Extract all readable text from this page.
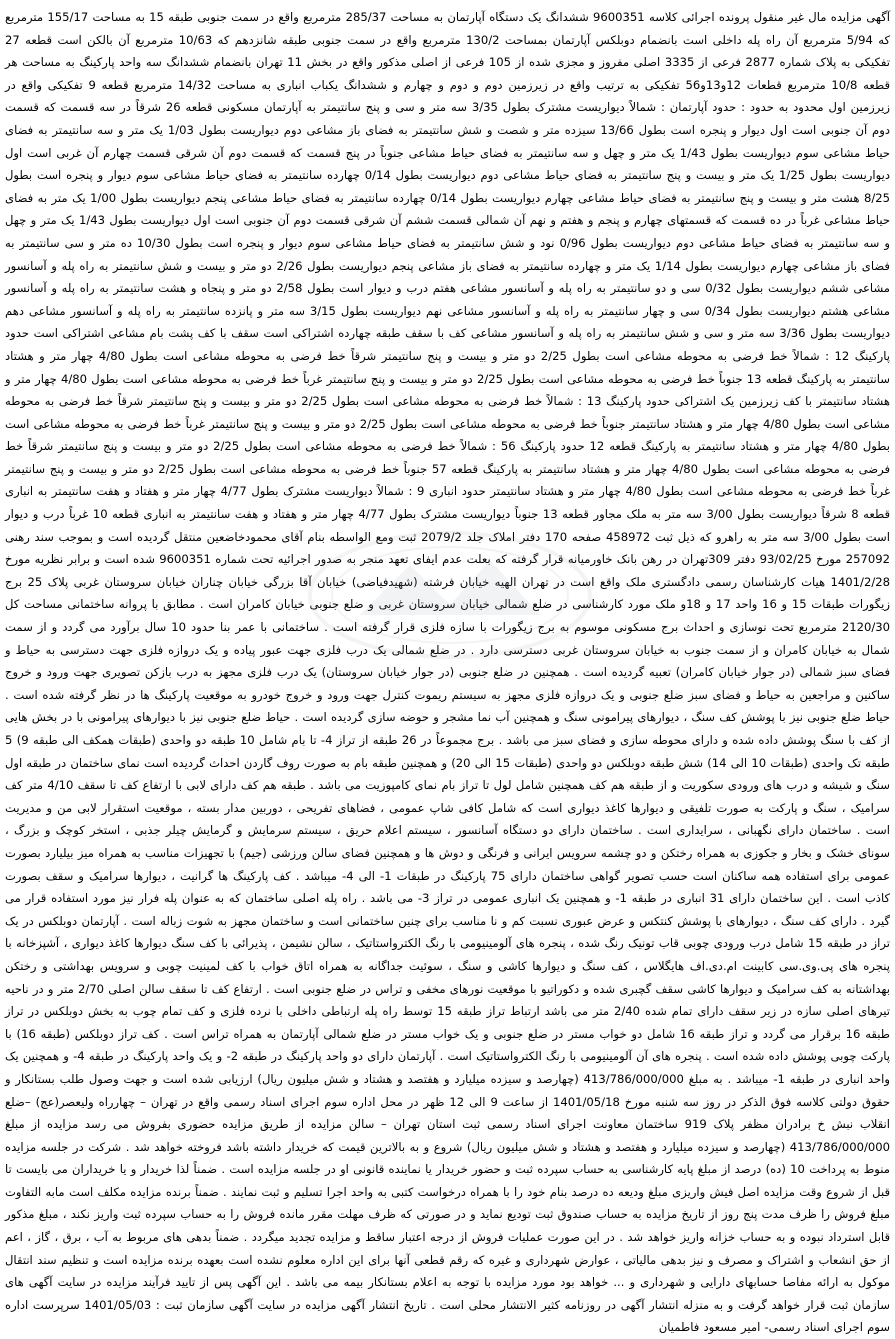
آگهی مزایده مال غیر منقول پرونده اجرائی کلاسه 9600351 ششدانگ یک دستگاه آپارتمان به مساحت 285/37 مترمربع واقع در سمت جنوبی طبقه 15 به مساحت 155/17 مترمربع که 5/94 مترمربع آن راه پله داخلی است بانضمام دوبلکس آپارتمان بمساحت 130/2 مترمربع واقع در سمت جنوبی طبقه شانزدهم که 10/63 مترمربع آن بالکن است قطعه 27 تفکیکی به پلاک شماره 2877 فرعی از 3335 اصلی مفروز و مجزی شده از 105 فرعی از اصلی مذکور واقع در بخش 11 تهران بانضمام ششدانگ سه واحد پارکینگ به مساحت هر قطعه 10/8 مترمربع قطعات 12و13و56 تفکیکی به ترتیب واقع در زیرزمین دوم و دوم و چهارم و ششدانگ یکباب انباری به مساحت 14/32 مترمربع قطعه 9 تفکیکی واقع در زیرزمین اول محدود به حدود : حدود آپارتمان : شمالاً دیواریست مشترک بطول 3/35 سه متر و سی و پنج سانتیمتر به آپارتمان مسکونی قطعه 26 شرقاً در سه قسمت که قسمت دوم آن جنوبی است اول دیوار و پنجره است بطول 13/66 سیزده متر و شصت و شش سانتیمتر به فضای باز مشاعی دوم دیواریست بطول 1/03 یک متر و سه سانتیمتر به فضای حیاط مشاعی سوم دیواریست بطول 1/43 یک متر و چهل و سه سانتیمتر به فضای حیاط مشاعی جنوباً در پنج قسمت که قسمت دوم آن شرقی قسمت چهارم آن غربی است اول دیواریست بطول 1/25 یک متر و بیست و پنج سانتیمتر به فضای حیاط مشاعی دوم دیواریست بطول 0/14 چهارده سانتیمتر به فضای حیاط مشاعی سوم دیوار و پنجره است بطول 8/25 هشت متر و بیست و پنج سانتیمتر به فضای حیاط مشاعی چهارم دیواریست بطول 0/14 چهارده سانتیمتر به فضای حیاط مشاعی پنجم دیواریست بطول 1/00 یک متر به فضای حیاط مشاعی غرباً در ده قسمت که قسمتهای چهارم و پنجم و هفتم و نهم آن شمالی قسمت ششم آن شرقی قسمت دوم آن جنوبی است اول دیواریست بطول 1/43 یک متر و چهل و سه سانتیمتر به فضای حیاط مشاعی دوم دیواریست بطول 0/96 نود و شش سانتیمتر به فضای حیاط مشاعی سوم دیوار و پنجره است بطول 10/30 ده متر و سی سانتیمتر به فضای باز مشاعی چهارم دیواریست بطول 1/14 یک متر و چهارده سانتیمتر به فضای باز مشاعی پنجم دیواریست بطول 2/26 دو متر و بیست و شش سانتیمتر به راه پله و آسانسور مشاعی ششم دیواریست بطول 0/32 سی و دو سانتیمتر به راه پله و آسانسور مشاعی هفتم درب و دیوار است بطول 2/58 دو متر و پنجاه و هشت سانتیمتر به راه پله و آسانسور مشاعی هشتم دیواریست بطول 0/34 سی و چهار سانتیمتر به راه پله و آسانسور مشاعی نهم دیواریست بطول 3/15 سه متر و پانزده سانتیمتر به راه پله و آسانسور مشاعی دهم دیواریست بطول 3/36 سه متر و سی و شش سانتیمتر به راه پله و آسانسور مشاعی کف با سقف طبقه چهارده اشتراکی است سقف با کف پشت بام مشاعی اشتراکی است حدود پارکینگ 12 : شمالاً خط فرضی به محوطه مشاعی است بطول 2/25 دو متر و بیست و پنج سانتیمتر شرقاً خط فرضی به محوطه مشاعی است بطول 4/80 چهار متر و هشتاد سانتیمتر به پارکینگ قطعه 13 جنوباً خط فرضی به محوطه مشاعی است بطول 2/25 دو متر و بیست و پنج سانتیمتر غرباً خط فرضی به محوطه مشاعی است بطول 4/80 چهار متر و هشتاد سانتیمتر با کف زیرزمین یک اشتراکی حدود پارکینگ 13 : شمالاً خط فرضی به محوطه مشاعی است بطول 2/25 دو متر و بیست و پنج سانتیمتر شرقاً خط فرضی به محوطه مشاعی است بطول 4/80 چهار متر و هشتاد سانتیمتر جنوباً خط فرضی به محوطه مشاعی است بطول 2/25 دو متر و بیست و پنج سانتیمتر غرباً خط فرضی به محوطه مشاعی است بطول 4/80 چهار متر و هشتاد سانتیمتر به پارکینگ قطعه 12 حدود پارکینگ 56 : شمالاً خط فرضی به محوطه مشاعی است بطول 2/25 دو متر و بیست و پنج سانتیمتر شرقاً خط فرضی به محوطه مشاعی است بطول 4/80 چهار متر و هشتاد سانتیمتر به پارکینگ قطعه 57 جنوباً خط فرضی به محوطه مشاعی است بطول 2/25 دو متر و بیست و پنج سانتیمتر غرباً خط فرضی به محوطه مشاعی است بطول 4/80 چهار متر و هشتاد سانتیمتر حدود انباری 9 : شمالاً دیواریست مشترک بطول 4/77 چهار متر و هفتاد و هفت سانتیمتر به انباری قطعه 8 شرقاً دیواریست بطول 3/00 سه متر به ملک مجاور قطعه 13 جنوباً دیواریست مشترک بطول 4/77 چهار متر و هفتاد و هفت سانتیمتر به انباری قطعه 10 غرباً درب و دیوار است بطول 3/00 سه متر به راهرو که ذیل ثبت 458972 صفحه 170 دفتر املاک جلد 2079/2 ثبت ومع الواسطه بنام آقای محمودخاضعین منتقل گردیده است و بموجب سند رهنی 257092 مورخ 93/02/25 دفتر 309تهران در رهن بانک خاورمیانه قرار گرفته که بعلت عدم ایفای تعهد منجر به صدور اجرائیه تحت شماره 9600351 شده است و برابر نظریه مورخ 1401/2/28 هیات کارشناسان رسمی دادگستری ملک واقع است در تهران الهیه خیابان فرشته (شهیدفیاضی) خیابان آقا بزرگی خیابان چناران خیابان سروستان غربی پلاک 25 برج زیگورات طبقات 15 و 16 واحد 17 و 18و ملک مورد کارشناسی در ضلع شمالی خیابان سروستان غربی و ضلع جنوبی خیابان کامران است . مطابق با پروانه ساختمانی مساحت کل 2120/30 مترمربع تحت نوسازی و احداث برج مسکونی موسوم به برج زیگورات با سازه فلزی قرار گرفته است . ساختمانی با عمر بنا حدود 10 سال برآورد می گردد و از سمت شمال به خیابان کامران و از سمت جنوب به خیابان سروستان غربی دسترسی دارد . در ضلع شمالی یک درب فلزی جهت عبور پیاده و یک دروازه فلزی جهت دسترسی به حیاط و فضای سبز شمالی (در جوار خیابان کامران) تعبیه گردیده است . همچنین در ضلع جنوبی (در جوار خیابان سروستان) یک درب فلزی مجهز به درب بازکن تصویری جهت ورود و خروج ساکنین و مراجعین به حیاط و فضای سبز ضلع جنوبی و یک دروازه فلزی مجهز به سیستم ریموت کنترل جهت ورود و خروج خودرو به موقعیت پارکینگ ها در نظر گرفته شده است . حیاط ضلع جنوبی نیز با پوشش کف سنگ ، دیوارهای پیرامونی سنگ و همچنین آب نما مشجر و حوضه سازی گردیده است . حیاط ضلع جنوبی نیز با دیوارهای پیرامونی با در بخش هایی از کف با سنگ پوشش داده شده و دارای محوطه سازی و فضای سبز می باشد . برج مجموعاً در 26 طبقه از تراز 4- تا بام شامل 10 طبقه دو واحدی (طبقات همکف الی طبقه 9) 5 طبقه تک واحدی (طبقات 10 الی 14) شش طبقه دوبلکس دو واحدی (طبقات 15 الی 20) و همچنین طبقه بام به صورت روف گاردن احداث گردیده است نمای ساختمان در طبقه اول سنگ و شیشه و درب های ورودی سکوریت و از طبقه هم کف همچنین شامل لول تا تراز بام نمای کامپوزیت می باشد . طبقه هم کف دارای لابی با ارتفاع کف تا سقف 4/10 متر کف سرامیک ، سنگ و پارکت به صورت تلفیقی و دیوارها کاغذ دیواری است که شامل کافی شاپ عمومی ، فضاهای تفریحی ، دوربین مدار بسته ، موقعیت استقرار لابی من و مدیریت است . ساختمان دارای نگهبانی ، سرایداری است . ساختمان دارای دو دستگاه آسانسور ، سیستم اعلام حریق ، سیستم سرمایش و گرمایش چیلر جذبی ، استخر کوچک و بزرگ ، سونای خشک و بخار و جکوزی به همراه رختکن و دو چشمه سرویس ایرانی و فرنگی و دوش ها و همچنین فضای سالن ورزشی (جیم) با تجهیزات مناسب به همراه میز بیلیارد بصورت عمومی برای استفاده همه ساکنان است حسب تصویر گواهی ساختمان دارای 75 پارکینگ در طبقات 1- الی 4- میباشد . کف پارکینگ ها گرانیت ، دیوارها سرامیک و سقف بصورت کاذب است . این ساختمان دارای 31 انباری در طبقه 1- و همچنین یک انباری عمومی در تراز 3- می باشد . راه پله اصلی ساختمان که به عنوان پله فرار نیز مورد استفاده قرار می گیرد . دارای کف سنگ ، دیوارهای با پوشش کنتکس و عرض عبوری نسبت کم و نا مناسب برای چنین ساختمانی است و ساختمان مجهز به شوت زباله است . آپارتمان دوبلکس در یک تراز در طبقه 15 شامل درب ورودی چوبی قاب تونیک رنگ شده ، پنجره های آلومینیومی با رنگ الکترواستاتیک ، سالن نشیمن ، پذیرائی با کف سنگ دیوارها کاغذ دیواری ، آشپزخانه با پنجره های پی.وی.سی کابینت ام.دی.اف هایگلاس ، کف سنگ و دیوارها کاشی و سنگ ، سوئیت جداگانه به همراه اتاق خواب با کف لمینیت چوبی و سرویس بهداشتی و رختکن بهداشتانه به کف سرامیک و دیوارها کاشی سقف گچبری شده و دکوراتیو با موقعیت نورهای مخفی و تراس در ضلع جنوبی است . ارتفاع کف تا سقف سالن اصلی 2/70 متر و در ناحیه تیرهای اصلی سازه در زیر سقف دارای تمام شده 2/40 متر می باشد ارتباط تراز طبقه 15 توسط راه پله ارتباطی داخلی با نرده فلزی و کف تمام چوب به بخش دوبلکس در تراز طبقه 16 برقرار می گردد و تراز طبقه 16 شامل دو خواب مستر در ضلع جنوبی و یک خواب مستر در ضلع شمالی آپارتمان به همراه تراس است . کف تراز دوبلکس (طبقه 16) با پارکت چوبی پوشش داده شده است . پنجره های آن آلومینیومی با رنگ الکترواستاتیک است . آپارتمان دارای دو واحد پارکینگ در طبقه 2- و یک واحد پارکینگ در طبقه 4- و همچنین یک واحد انباری در طبقه 1- میباشد . به مبلغ 413/786/000/000 (چهارصد و سیزده میلیارد و هفتصد و هشتاد و شش میلیون ریال) ارزیابی شده است و جهت وصول طلب بستانکار و حقوق دولتی کلاسه فوق الذکر در روز سه شنبه مورخ 1401/05/18 از ساعت 9 الی 12 ظهر در محل اداره سوم اجرای اسناد رسمی واقع در تهران – چهارراه ولیعصر(عج) –ضلع انقلاب نبش خ برادران مظفر پلاک 919 ساختمان معاونت اجرای اسناد رسمی ثبت استان تهران – سالن مزایده از طریق مزایده حضوری بفروش می رسد مزایده از مبلغ 413/786/000/000 (چهارصد و سیزده میلیارد و هفتصد و هشتاد و شش میلیون ریال) شروع و به بالاترین قیمت که خریدار داشته باشد فروخته خواهد شد . شرکت در جلسه مزایده منوط به پرداخت 10 (ده) درصد از مبلغ پایه کارشناسی به حساب سپرده ثبت و حضور خریدار یا نماینده قانونی او در جلسه مزایده است . ضمناً لذا خریدار و یا خریداران می بایست تا قبل از شروع وقت مزایده اصل فیش واریزی مبلغ ودیعه ده درصد بنام خود را با همراه درخواست کتبی به واحد اجرا تسلیم و ثبت نمایند . ضمناً برنده مزایده مکلف است مابه التفاوت مبلغ فروش را ظرف مدت پنج روز از تاریخ مزایده به حساب صندوق ثبت تودیع نماید و در صورتی که ظرف مهلت مقرر مانده فروش را به حساب سپرده ثبت واریز نکند ، مبلغ مذکور قابل استرداد نبوده و به حساب خزانه واریز خواهد شد . در این صورت عملیات فروش از درجه اعتبار ساقط و مزایده تجدید میگردد . ضمناً بدهی های مربوط به آب ، برق ، گاز ، اعم از حق انشعاب و اشتراک و مصرف و نیز بدهی مالیاتی ، عوارض شهرداری و غیره که رقم قطعی آنها برای این اداره معلوم نشده است بعهده برنده مزایده است و تنظیم سند انتقال موکول به ارائه مفاصا حسابهای دارایی و شهرداری و ... خواهد بود مورد مزایده با توجه به اعلام بستانکار بیمه می باشد . این آگهی پس از تایید فرآیند مزایده در سایت آگهی های سازمان ثبت قرار خواهد گرفت و به منزله انتشار آگهی در روزنامه کثیر الانتشار محلی است . تاریخ انتشار آگهی مزایده در سایت آگهی سازمان ثبت : 1401/05/03 سرپرست اداره سوم اجرای اسناد رسمی- امیر مسعود فاطمیان
